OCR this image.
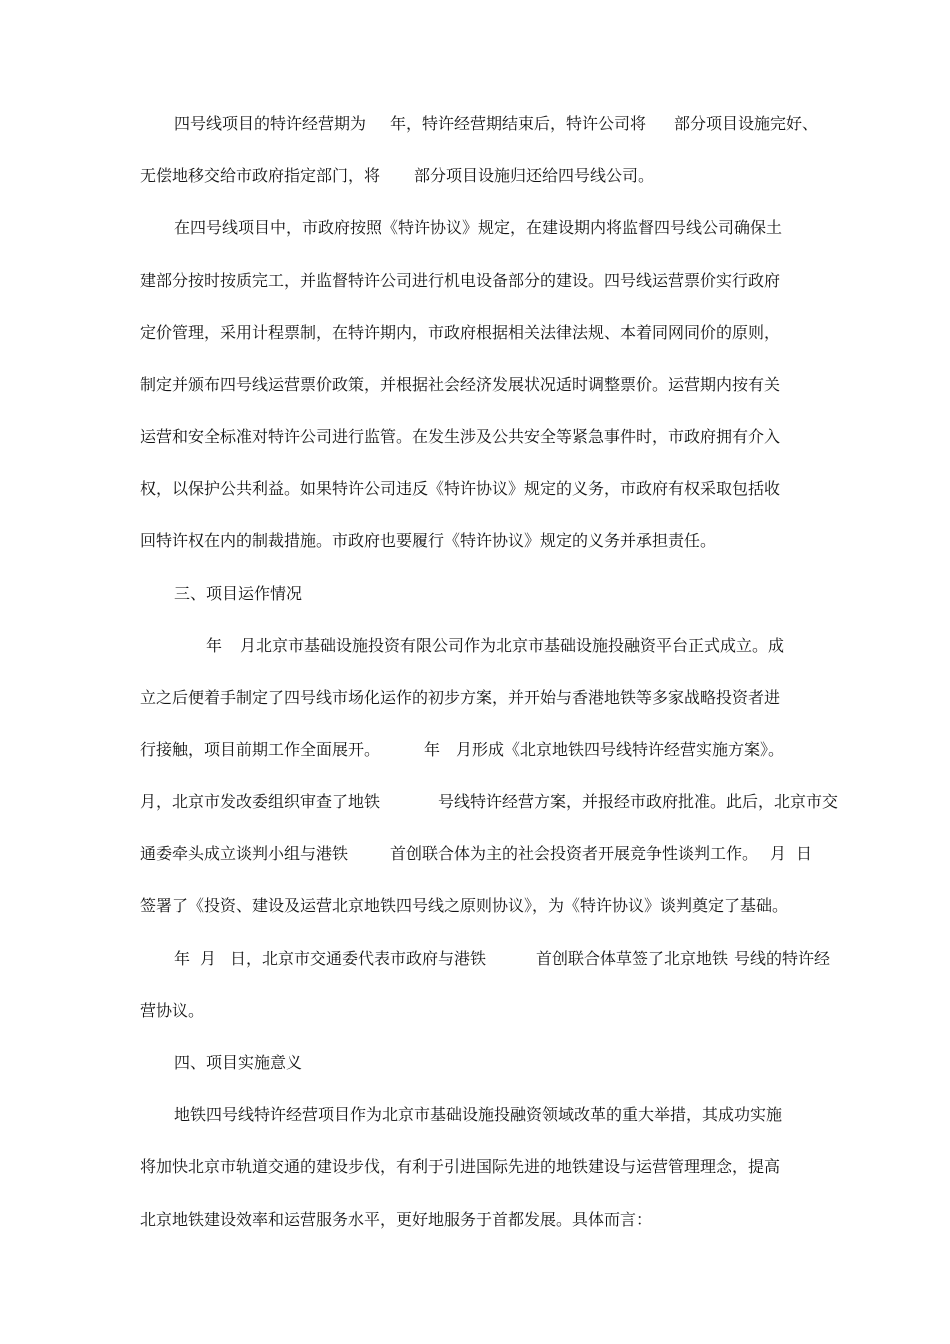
四号线项目的特许经营期为 年，特许经营期结束后，特许公司将 部分项目设施完好、
无偿地移交给市政府指定部门，将 部分项目设施归还给四号线公司。
在四号线项目中，市政府按照《特许协议》规定，在建设期内将监督四号线公司确保土
建部分按时按质完工，并监督特许公司进行机电设备部分的建设。四号线运营票价实行政府
定价管理，采用计程票制，在特许期内，市政府根据相关法律法规、本着同网同价的原则，
制定并颁布四号线运营票价政策，并根据社会经济发展状况适时调整票价。运营期内按有关
运营和安全标准对特许公司进行监管。在发生涉及公共安全等紧急事件时，市政府拥有介入
权，以保护公共利益。如果特许公司违反《特许协议》规定的义务，市政府有权采取包括收
回特许权在内的制裁措施。市政府也要履行《特许协议》规定的义务并承担责任。
三、项目运作情况
年 月北京市基础设施投资有限公司作为北京市基础设施投融资平台正式成立。成
立之后便着手制定了四号线市场化运作的初步方案，并开始与香港地铁等多家战略投资者进
行接触，项目前期工作全面展开。	年 月形成《北京地铁四号线特许经营实施方案》。
月，北京市发改委组织审查了地铁	号线特许经营方案，并报经市政府批准。此后，北京市交
通委牵头成立谈判小组与港铁	首创联合体为主的社会投资者开展竞争性谈判工作。 月 日
签署了《投资、建设及运营北京地铁四号线之原则协议》，为《特许协议》谈判奠定了基础。
年 月 日，北京市交通委代表市政府与港铁	首创联合体草签了北京地铁 号线的特许经
营协议。
四、项目实施意义
地铁四号线特许经营项目作为北京市基础设施投融资领域改革的重大举措，其成功实施
将加快北京市轨道交通的建设步伐，有利于引进国际先进的地铁建设与运营管理理念，提高
北京地铁建设效率和运营服务水平，更好地服务于首都发展。具体而言：
